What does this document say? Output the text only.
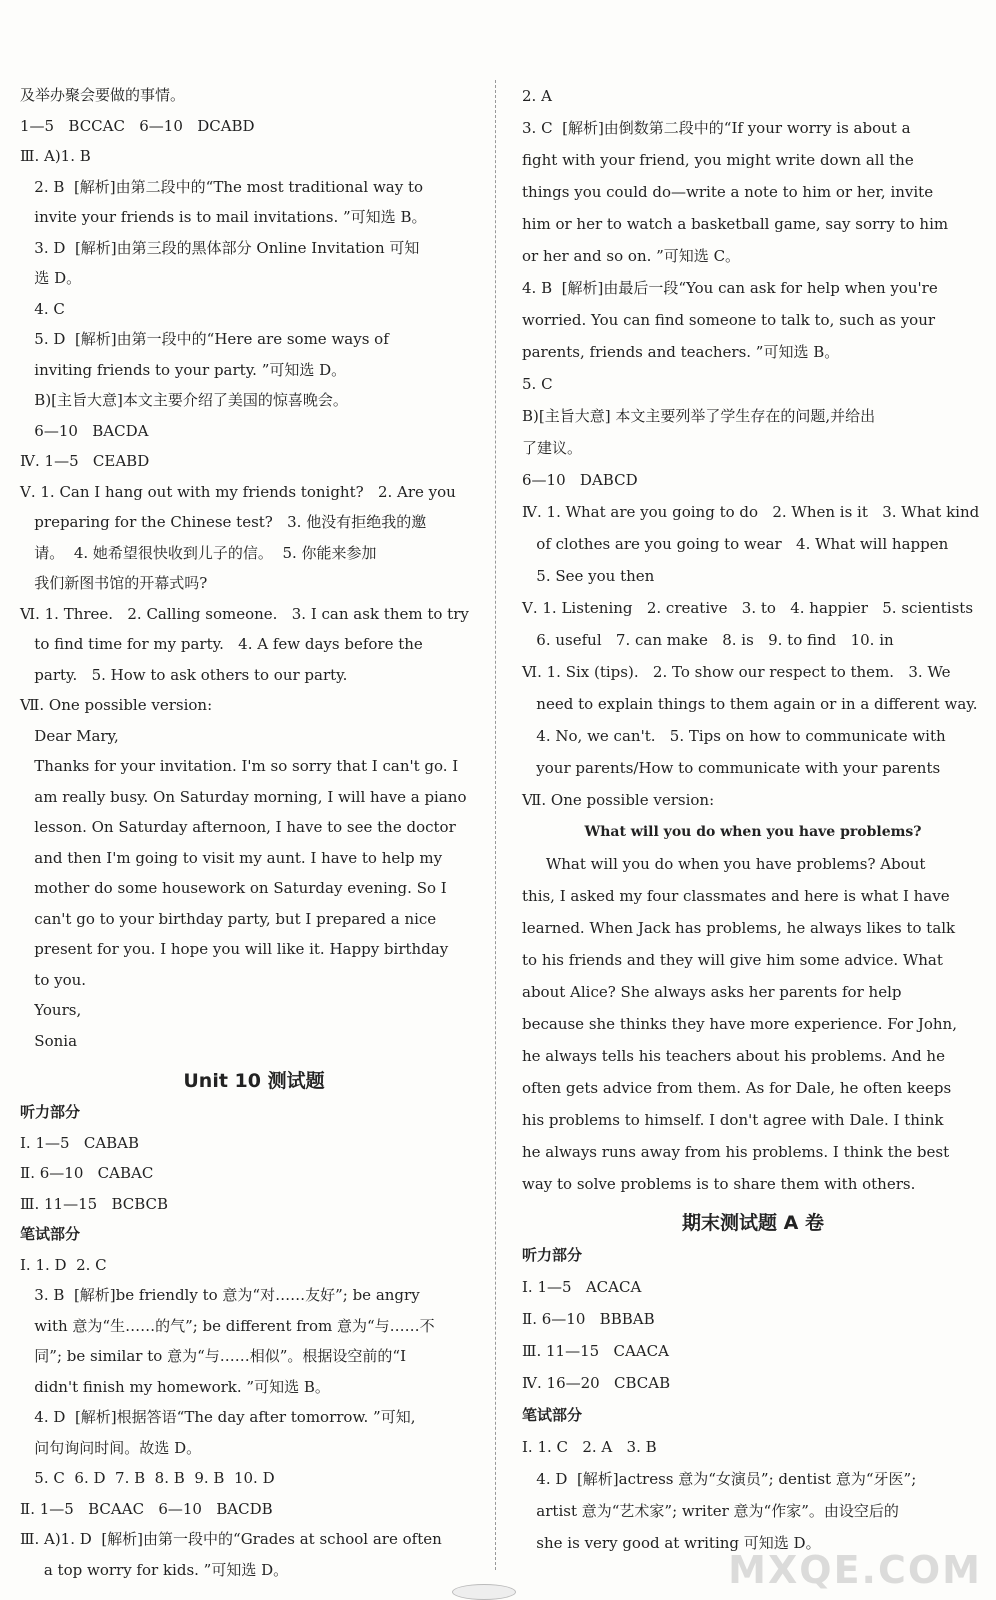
及举办聚会要做的事情。
1—5   BCCAC   6—10   DCABD
Ⅲ. A)1. B
2. B  [解析]由第二段中的“The most traditional way to
invite your friends is to mail invitations. ”可知选 B。
3. D  [解析]由第三段的黑体部分 Online Invitation 可知
选 D。
4. C
5. D  [解析]由第一段中的“Here are some ways of
inviting friends to your party. ”可知选 D。
B)[主旨大意]本文主要介绍了美国的惊喜晚会。
6—10   BACDA
Ⅳ. 1—5   CEABD
Ⅴ. 1. Can I hang out with my friends tonight?   2. Are you
preparing for the Chinese test?   3. 他没有拒绝我的邀
请。  4. 她希望很快收到儿子的信。  5. 你能来参加
我们新图书馆的开幕式吗?
Ⅵ. 1. Three.   2. Calling someone.   3. I can ask them to try
to find time for my party.   4. A few days before the
party.   5. How to ask others to our party.
Ⅶ. One possible version:
Dear Mary,
Thanks for your invitation. I'm so sorry that I can't go. I
am really busy. On Saturday morning, I will have a piano
lesson. On Saturday afternoon, I have to see the doctor
and then I'm going to visit my aunt. I have to help my
mother do some housework on Saturday evening. So I
can't go to your birthday party, but I prepared a nice
present for you. I hope you will like it. Happy birthday
to you.
Yours,
Sonia
Unit 10 测试题
听力部分
Ⅰ. 1—5   CABAB
Ⅱ. 6—10   CABAC
Ⅲ. 11—15   BCBCB
笔试部分
Ⅰ. 1. D  2. C
3. B  [解析]be friendly to 意为“对……友好”; be angry
with 意为“生……的气”; be different from 意为“与……不
同”; be similar to 意为“与……相似”。根据设空前的“I
didn't finish my homework. ”可知选 B。
4. D  [解析]根据答语“The day after tomorrow. ”可知,
问句询问时间。故选 D。
5. C  6. D  7. B  8. B  9. B  10. D
Ⅱ. 1—5   BCAAC   6—10   BACDB
Ⅲ. A)1. D  [解析]由第一段中的“Grades at school are often
a top worry for kids. ”可知选 D。
2. A
3. C  [解析]由倒数第二段中的“If your worry is about a
fight with your friend, you might write down all the
things you could do—write a note to him or her, invite
him or her to watch a basketball game, say sorry to him
or her and so on. ”可知选 C。
4. B  [解析]由最后一段“You can ask for help when you're
worried. You can find someone to talk to, such as your
parents, friends and teachers. ”可知选 B。
5. C
B)[主旨大意] 本文主要列举了学生存在的问题,并给出
了建议。
6—10   DABCD
Ⅳ. 1. What are you going to do   2. When is it   3. What kind
of clothes are you going to wear   4. What will happen
5. See you then
Ⅴ. 1. Listening   2. creative   3. to   4. happier   5. scientists
6. useful   7. can make   8. is   9. to find   10. in
Ⅵ. 1. Six (tips).   2. To show our respect to them.   3. We
need to explain things to them again or in a different way.
4. No, we can't.   5. Tips on how to communicate with
your parents/How to communicate with your parents
Ⅶ. One possible version:
What will you do when you have problems?
What will you do when you have problems? About
this, I asked my four classmates and here is what I have
learned. When Jack has problems, he always likes to talk
to his friends and they will give him some advice. What
about Alice? She always asks her parents for help
because she thinks they have more experience. For John,
he always tells his teachers about his problems. And he
often gets advice from them. As for Dale, he often keeps
his problems to himself. I don't agree with Dale. I think
he always runs away from his problems. I think the best
way to solve problems is to share them with others.
期末测试题 A 卷
听力部分
Ⅰ. 1—5   ACACA
Ⅱ. 6—10   BBBAB
Ⅲ. 11—15   CAACA
Ⅳ. 16—20   CBCAB
笔试部分
Ⅰ. 1. C   2. A   3. B
4. D  [解析]actress 意为“女演员”; dentist 意为“牙医”;
artist 意为“艺术家”; writer 意为“作家”。由设空后的
she is very good at writing 可知选 D。
MXQE.COM
